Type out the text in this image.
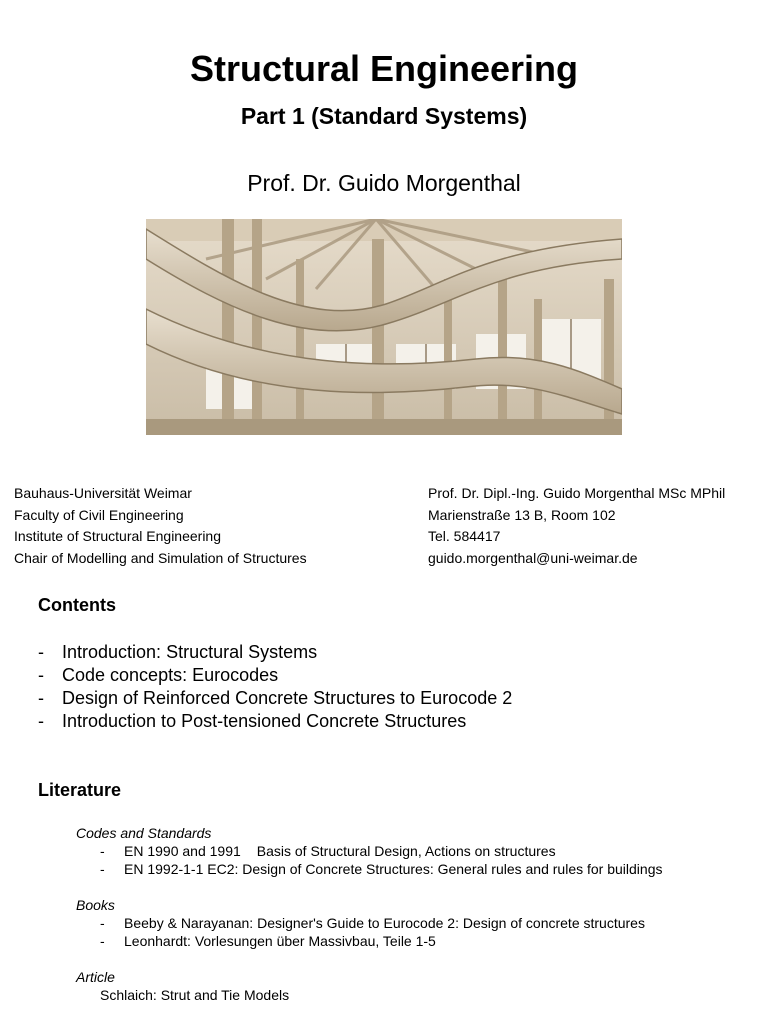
Structural Engineering
Part 1 (Standard Systems)
Prof. Dr. Guido Morgenthal
Bauhaus-Universität Weimar
Faculty of Civil Engineering
Institute of Structural Engineering
Chair of Modelling and Simulation of Structures
Prof. Dr. Dipl.-Ing. Guido Morgenthal MSc MPhil
Marienstraße 13 B, Room 102
Tel. 584417
guido.morgenthal@uni-weimar.de
Contents
-	Introduction: Structural Systems
-	Code concepts: Eurocodes
-	Design of Reinforced Concrete Structures to Eurocode 2
-	Introduction to Post-tensioned Concrete Structures
Literature
Codes and Standards
-	EN 1990 and 1991 Basis of Structural Design, Actions on structures
-	EN 1992-1-1 EC2: Design of Concrete Structures: General rules and rules for buildings
Books
-	Beeby & Narayanan: Designer's Guide to Eurocode 2: Design of concrete structures
-	Leonhardt: Vorlesungen über Massivbau, Teile 1-5
Article
Schlaich: Strut and Tie Models
